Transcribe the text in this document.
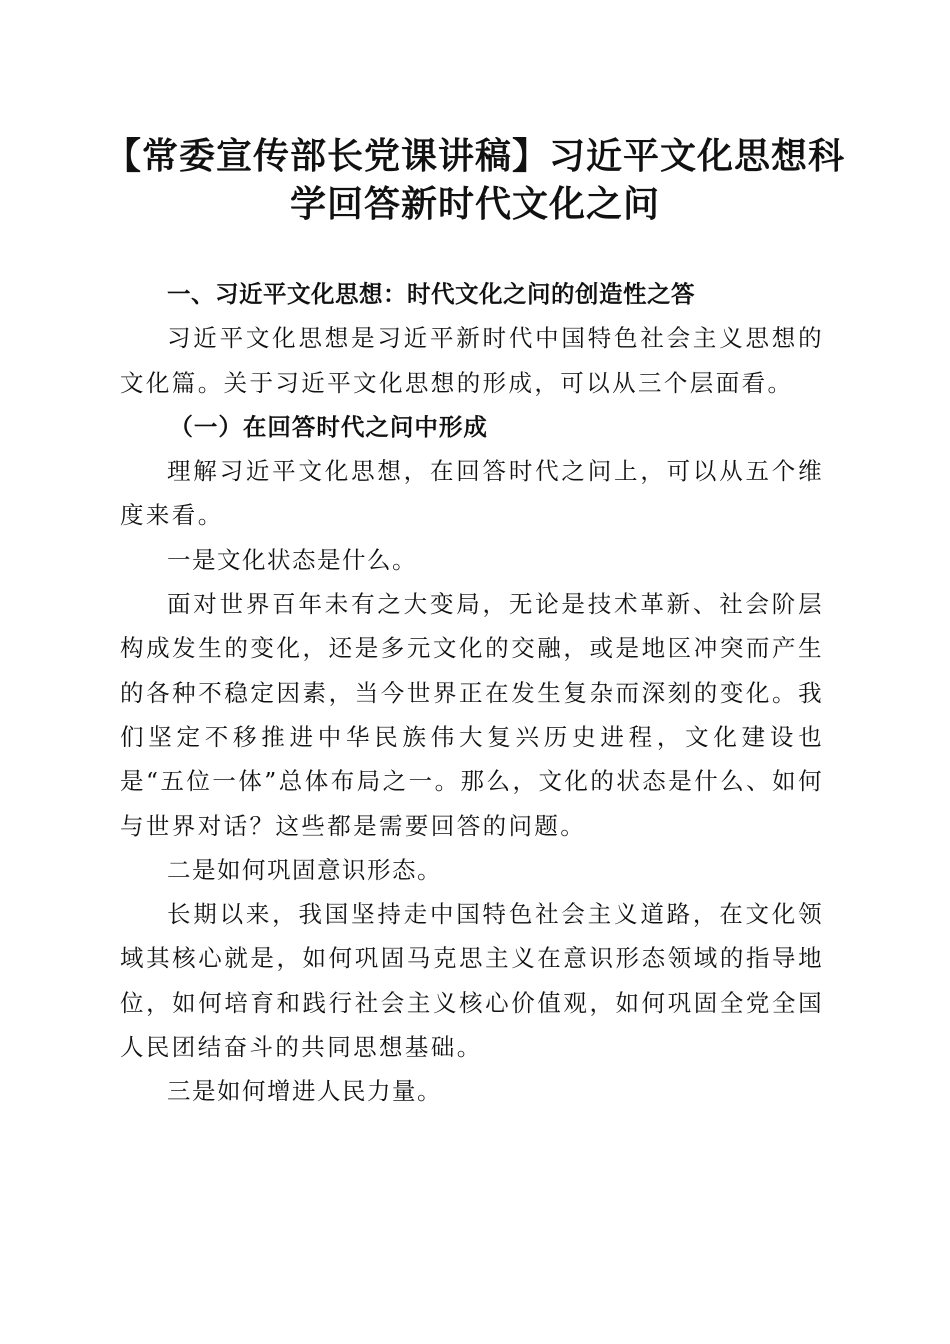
【常委宣传部长党课讲稿】习近平文化思想科学回答新时代文化之问

一、习近平文化思想：时代文化之问的创造性之答

习近平文化思想是习近平新时代中国特色社会主义思想的文化篇。关于习近平文化思想的形成，可以从三个层面看。

（一）在回答时代之问中形成

理解习近平文化思想，在回答时代之问上，可以从五个维度来看。

一是文化状态是什么。

面对世界百年未有之大变局，无论是技术革新、社会阶层构成发生的变化，还是多元文化的交融，或是地区冲突而产生的各种不稳定因素，当今世界正在发生复杂而深刻的变化。我们坚定不移推进中华民族伟大复兴历史进程，文化建设也是“五位一体”总体布局之一。那么，文化的状态是什么、如何与世界对话？这些都是需要回答的问题。

二是如何巩固意识形态。

长期以来，我国坚持走中国特色社会主义道路，在文化领域其核心就是，如何巩固马克思主义在意识形态领域的指导地位，如何培育和践行社会主义核心价值观，如何巩固全党全国人民团结奋斗的共同思想基础。

三是如何增进人民力量。
